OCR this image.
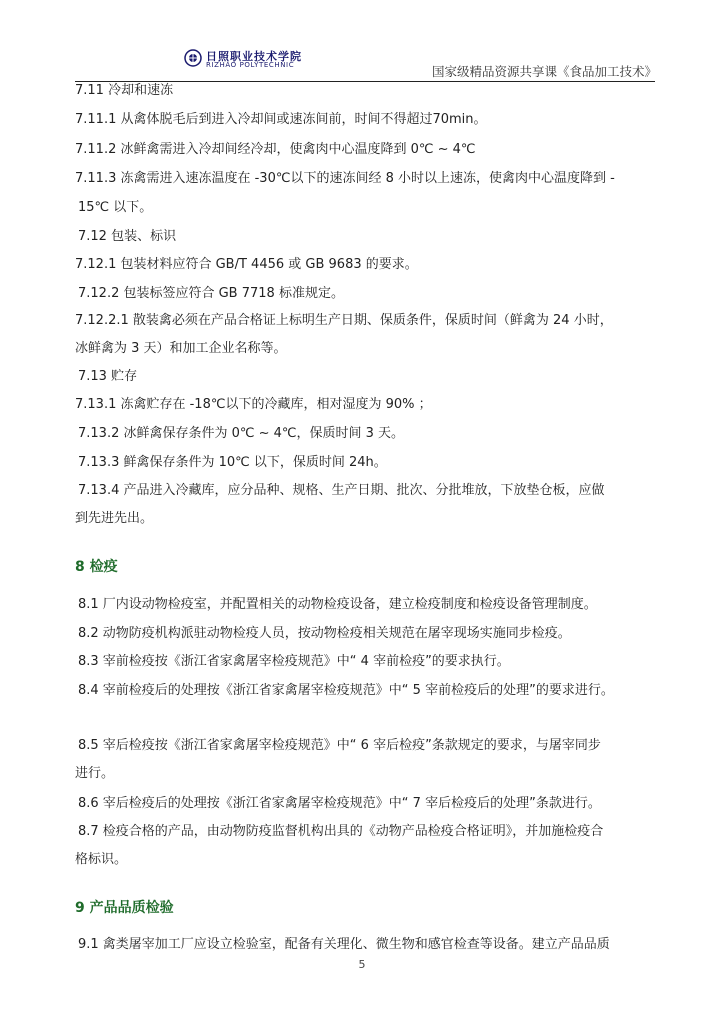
日照职业技术学院
RIZHAO POLYTECHNIC	国家级精品资源共享课《食品加工技术》
7.11 冷却和速冻
7.11.1 从禽体脱毛后到进入冷却间或速冻间前，时间不得超过70min。
7.11.2 冰鲜禽需进入冷却间经冷却，使禽肉中心温度降到 0℃ ~ 4℃
7.11.3 冻禽需进入速冻温度在 -30℃以下的速冻间经 8 小时以上速冻，使禽肉中心温度降到 -
15℃ 以下。
7.12 包装、标识
7.12.1 包装材料应符合 GB/T 4456 或 GB 9683 的要求。
7.12.2 包装标签应符合 GB 7718 标准规定。
7.12.2.1 散装禽必须在产品合格证上标明生产日期、保质条件，保质时间（鲜禽为 24 小时，
冰鲜禽为 3 天）和加工企业名称等。
7.13 贮存
7.13.1 冻禽贮存在 -18℃以下的冷藏库，相对湿度为 90% ；
7.13.2 冰鲜禽保存条件为 0℃ ~ 4℃，保质时间 3 天。
7.13.3 鲜禽保存条件为 10℃ 以下，保质时间 24h。
7.13.4 产品进入冷藏库，应分品种、规格、生产日期、批次、分批堆放，下放垫仓板，应做
到先进先出。
8 检疫
8.1 厂内设动物检疫室，并配置相关的动物检疫设备，建立检疫制度和检疫设备管理制度。
8.2 动物防疫机构派驻动物检疫人员，按动物检疫相关规范在屠宰现场实施同步检疫。
8.3 宰前检疫按《浙江省家禽屠宰检疫规范》中“ 4 宰前检疫”的要求执行。
8.4 宰前检疫后的处理按《浙江省家禽屠宰检疫规范》中“ 5 宰前检疫后的处理”的要求进行。
8.5 宰后检疫按《浙江省家禽屠宰检疫规范》中“ 6 宰后检疫”条款规定的要求，与屠宰同步
进行。
8.6 宰后检疫后的处理按《浙江省家禽屠宰检疫规范》中“ 7 宰后检疫后的处理”条款进行。
8.7 检疫合格的产品，由动物防疫监督机构出具的《动物产品检疫合格证明》，并加施检疫合
格标识。
9 产品品质检验
9.1 禽类屠宰加工厂应设立检验室，配备有关理化、微生物和感官检查等设备。建立产品品质
5
